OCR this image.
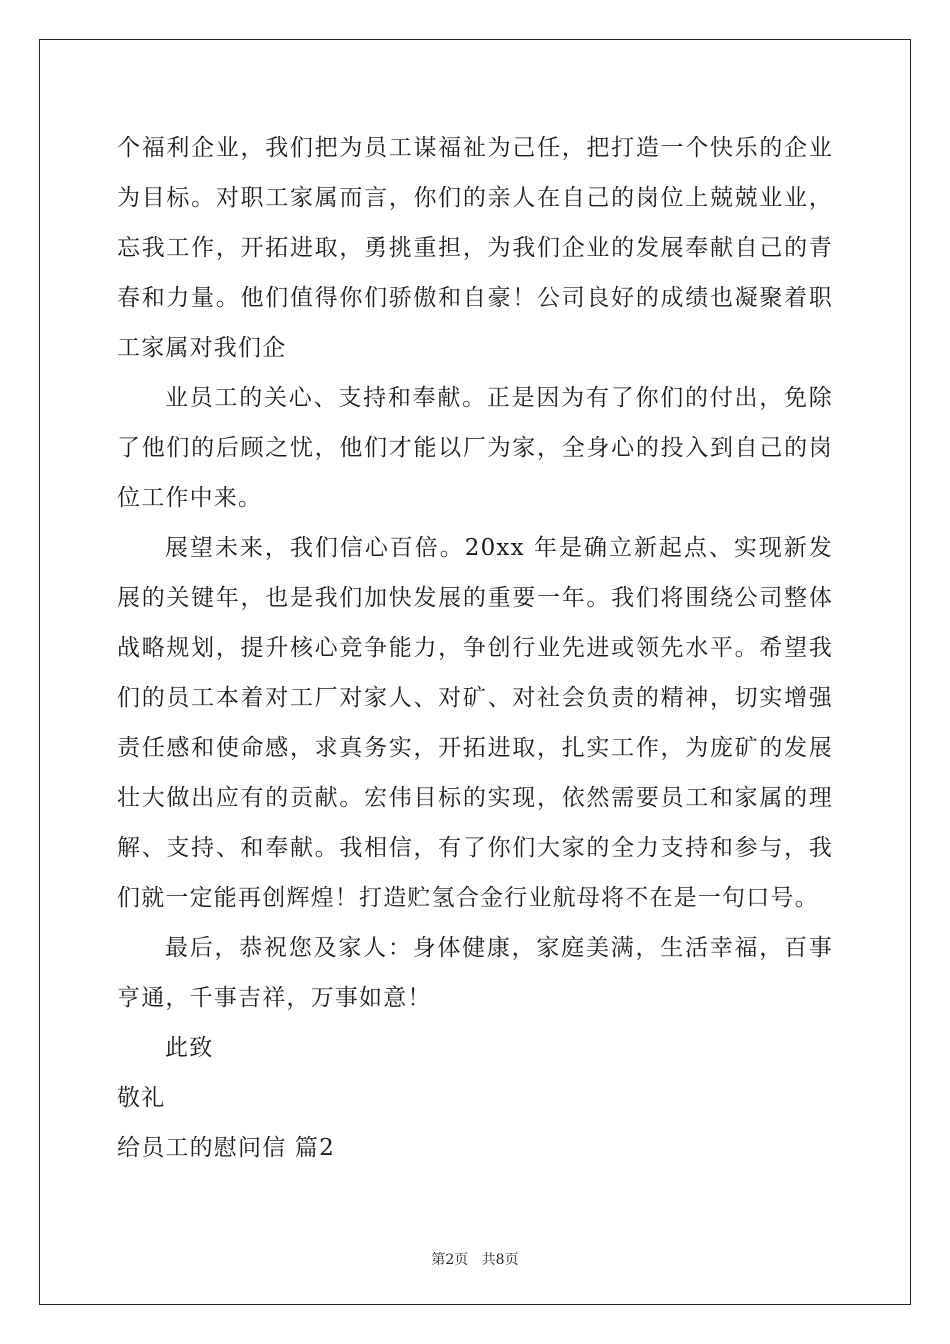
个福利企业，我们把为员工谋福祉为己任，把打造一个快乐的企业为目标。对职工家属而言，你们的亲人在自己的岗位上兢兢业业，忘我工作，开拓进取，勇挑重担，为我们企业的发展奉献自己的青春和力量。他们值得你们骄傲和自豪！公司良好的成绩也凝聚着职工家属对我们企

业员工的关心、支持和奉献。正是因为有了你们的付出，免除了他们的后顾之忧，他们才能以厂为家，全身心的投入到自己的岗位工作中来。

展望未来，我们信心百倍。20xx 年是确立新起点、实现新发展的关键年，也是我们加快发展的重要一年。我们将围绕公司整体战略规划，提升核心竞争能力，争创行业先进或领先水平。希望我们的员工本着对工厂对家人、对矿、对社会负责的精神，切实增强责任感和使命感，求真务实，开拓进取，扎实工作，为庞矿的发展壮大做出应有的贡献。宏伟目标的实现，依然需要员工和家属的理解、支持、和奉献。我相信，有了你们大家的全力支持和参与，我们就一定能再创辉煌！打造贮氢合金行业航母将不在是一句口号。

最后，恭祝您及家人：身体健康，家庭美满，生活幸福，百事亨通，千事吉祥，万事如意！

此致

敬礼

给员工的慰问信 篇2

第2页 共8页
